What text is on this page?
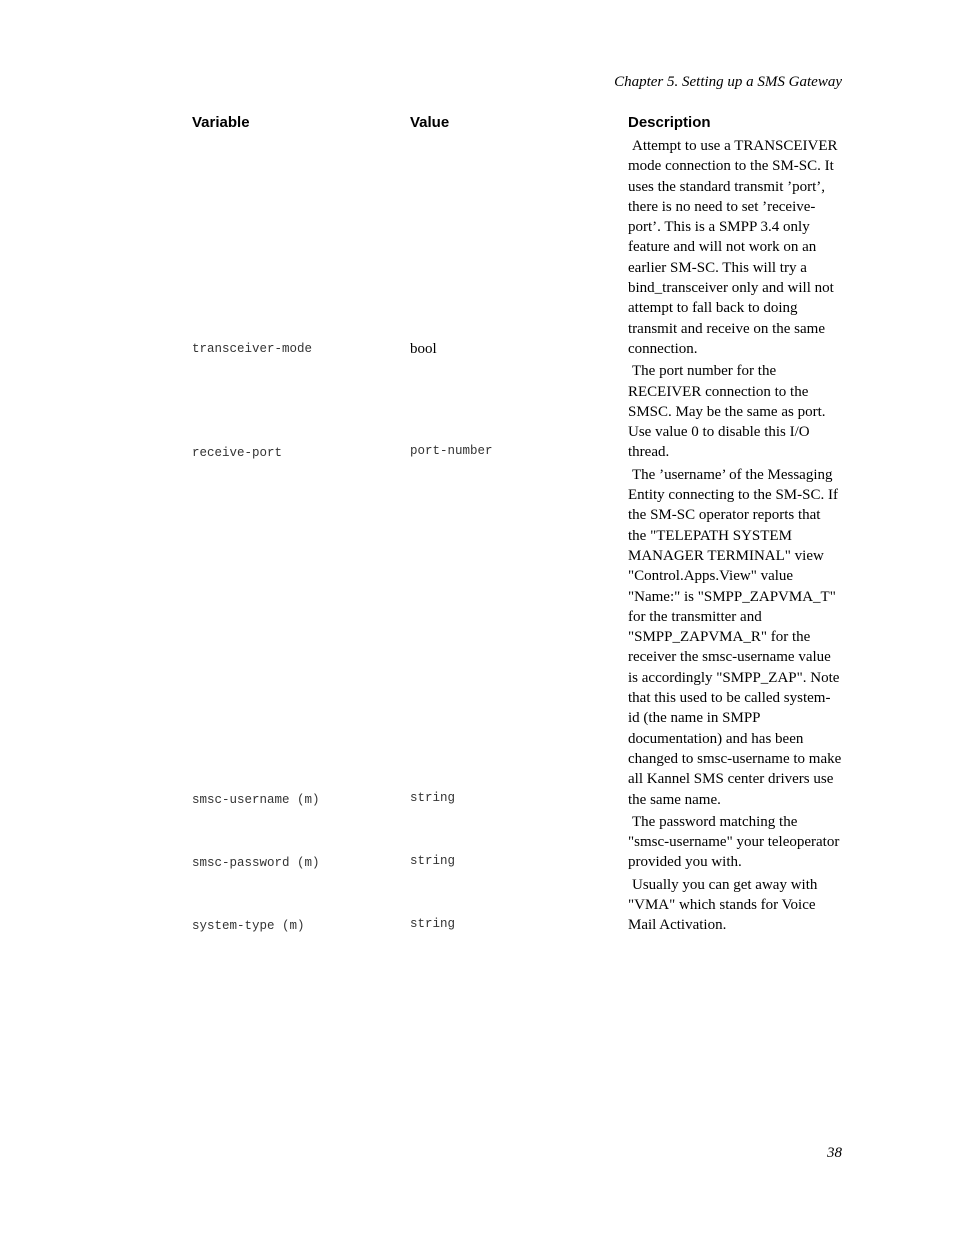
Chapter 5. Setting up a SMS Gateway
Variable	Value	Description
transceiver-mode	bool	Attempt to use a TRANSCEIVER mode connection to the SM-SC. It uses the standard transmit ’port’, there is no need to set ’receive-port’. This is a SMPP 3.4 only feature and will not work on an earlier SM-SC. This will try a bind_transceiver only and will not attempt to fall back to doing transmit and receive on the same connection.

receive-port	port-number	The port number for the RECEIVER connection to the SMSC. May be the same as port. Use value 0 to disable this I/O thread.

smsc-username (m)	string	The ’username’ of the Messaging Entity connecting to the SM-SC. If the SM-SC operator reports that the "TELEPATH SYSTEM MANAGER TERMINAL" view "Control.Apps.View" value "Name:" is "SMPP_ZAPVMA_T" for the transmitter and "SMPP_ZAPVMA_R" for the receiver the smsc-username value is accordingly "SMPP_ZAP". Note that this used to be called system-id (the name in SMPP documentation) and has been changed to smsc-username to make all Kannel SMS center drivers use the same name.

smsc-password (m)	string	The password matching the "smsc-username" your teleoperator provided you with.

system-type (m)	string	Usually you can get away with "VMA" which stands for Voice Mail Activation.
38
